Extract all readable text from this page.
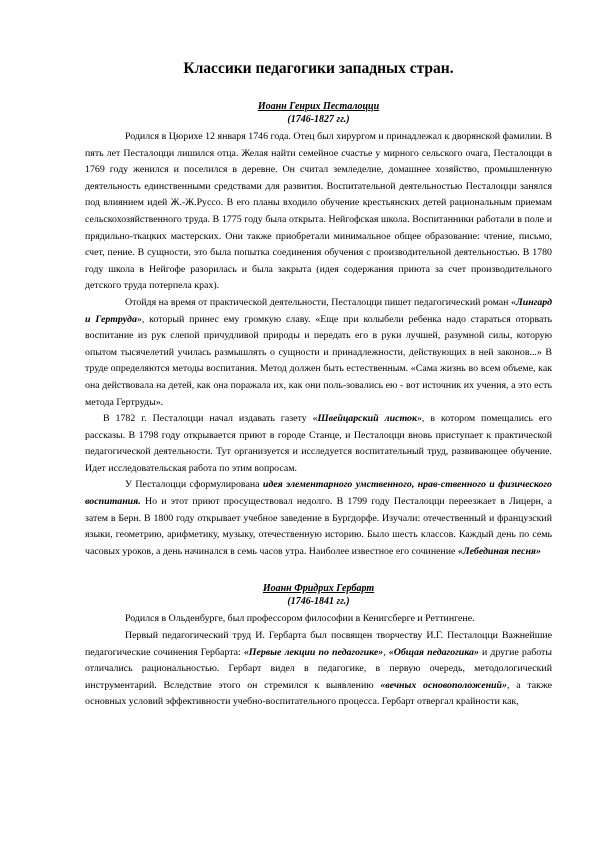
Классики педагогики западных стран.
Иоанн Генрих Песталоцци
(1746-1827 гг.)

Родился в Цюрихе 12 января 1746 года. Отец был хирургом и принадлежал к дворянской фамилии. В пять лет Песталоцци лишился отца. Желая найти семейное счастье у мирного сельского очага, Песталоцци в 1769 году женился и поселился в деревне. Он считал земледелие, домашнее хозяйство, промышленную деятельность единственными средствами для развития. Воспитательной деятельностью Песталоцци занялся под влиянием идей Ж.-Ж.Руссо. В его планы входило обучение крестьянских детей рациональным приемам сельскохозяйственного труда. В 1775 году была открыта. Нейгофская школа. Воспитанники работали в поле и прядильно-ткацких мастерских. Они также приобретали минимальное общее образование: чтение, письмо, счет, пение. В сущности, это была попытка соединения обучения с производительной деятельностью. В 1780 году школа в Нейгофе разорилась и была закрыта (идея содержания приюта за счет производительного детского труда потерпела крах).

Отойдя на время от практической деятельности, Песталоцци пишет педагогический роман «Лингард и Гертруда», который принес ему громкую славу. «Еще при колыбели ребенка надо стараться оторвать воспитание из рук слепой причудливой природы и передать его в руки лучшей, разумной силы, которую опытом тысячелетий училась размышлять о сущности и принадлежности, действующих в ней законов...» В труде определяются методы воспитания. Метод должен быть естественным. «Сама жизнь во всем объеме, как она действовала на детей, как она поражала их, как они поль-зовались ею - вот источник их учения, а это есть метода Гертруды».

В 1782 г. Песталоцци начал издавать газету «Швейцарский листок», в котором помещались его рассказы. В 1798 году открывается приют в городе Станце, и Песталоцци вновь приступает к практической педагогической деятельности. Тут организуется и исследуется воспитательный труд, развивающее обучение. Идет исследовательская работа по этим вопросам.

У Песталоцци сформулирована идея элементарного умственного, нрав-ственного и физического воспитания. Но и этот приют просуществовал недолго. В 1799 году Песталоцци переезжает в Лицерн, а затем в Берн. В 1800 году открывает учебное заведение в Бургдорфе. Изучали: отечественный и французский языки, геометрию, арифметику, музыку, отечественную историю. Было шесть классов. Каждый день по семь часовых уроков, а день начинался в семь часов утра. Наиболее известное его сочинение «Лебединая песня»

Иоанн Фридрих Гербарт
(1746-1841 гг.)

Родился в Ольденбурге, был профессором философии в Кенигсберге и Реттингене.

Первый педагогический труд И. Гербарта был посвящен творчеству И.Г. Песталоцци Важнейшие педагогические сочинения Гербарта: «Первые лекции по педагогике», «Общая педагогика» и другие работы отличались рациональностью. Гербарт видел в педагогике, в первую очередь, методологический инструментарий. Вследствие этого он стремился к выявлению «вечных основоположений», а также основных условий эффективности учебно-воспитательного процесса. Гербарт отвергал крайности как,
